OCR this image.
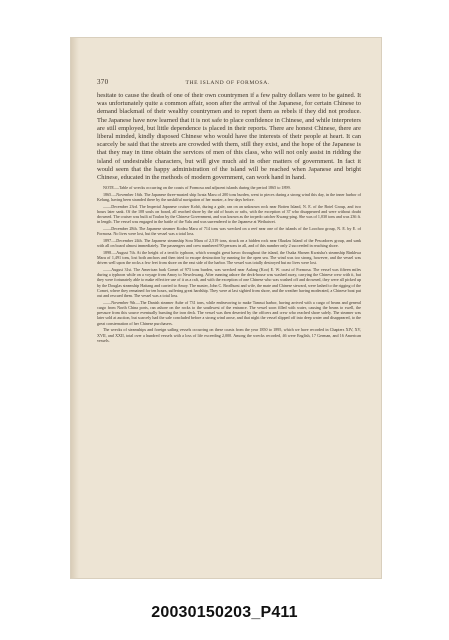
370	THE ISLAND OF FORMOSA.

hesitate to cause the death of one of their own countrymen if a few paltry dollars were to be gained. It was unfortunately quite a common affair, soon after the arrival of the Japanese, for certain Chinese to demand blackmail of their wealthy countrymen and to report them as rebels if they did not produce. The Japanese have now learned that it is not safe to place confidence in Chinese, and while interpreters are still employed, but little dependence is placed in their reports. There are honest Chinese, there are liberal minded, kindly disposed Chinese who would have the interests of their people at heart. It can scarcely be said that the streets are crowded with them, still they exist, and the hope of the Japanese is that they may in time obtain the services of men of this class, who will not only assist in ridding the island of undesirable characters, but will give much aid in other matters of government. In fact it would seem that the happy administration of the island will be reached when Japanese and bright Chinese, educated in the methods of modern government, can work hand in hand.

NOTE.—Table of wrecks occurring on the coasts of Formosa and adjacent islands during the period 1865 to 1899.

1865.—November 16th. The Japanese three-masted ship Iwata Maru of 200 tons burden, went to pieces during a strong wind this day, in the inner harbor of Kelung, having been stranded there by the unskilful navigation of her master, a few days before.

——December 23rd. The Imperial Japanese cruiser Kohō, during a gale, ran on an unknown rock near Botten Island, N. E. of the Botel Group, and two hours later sank. Of the 108 souls on board, all reached shore by the aid of boats or rafts, with the exception of 37 who disappeared and were without doubt drowned. The cruiser was built at Toulon by the Chinese Government, and was known as the torpedo catcher Kwang-ping. She was of 1,030 tons and was 236 ft. in length. The vessel was engaged in the battle of the Yalu and was surrendered to the Japanese at Weihaiwei.

——December 28th. The Japanese steamer Kodzu Maru of 714 tons was wrecked on a reef near one of the islands of the Loochoo group, N. E. by E. of Formosa. No lives were lost, but the vessel was a total loss.

1897.—December 24th. The Japanese steamship Sora Maru of 2,519 tons, struck on a hidden rock near Okudzu Island of the Pescadores group, and sank with all on board almost immediately. The passengers and crew numbered 90 persons in all, and of this number only 2 succeeded in reaching shore.

1898.—August 7th. At the height of a terrific typhoon, which wrought great havoc throughout the island, the Osaka Shosen Kwaisha's steamship Rinkhwa Maru of 1,491 tons, lost both anchors and then tried to escape destruction by running for the open sea. The wind was too strong, however, and the vessel was driven well upon the rocks a few feet from shore on the east side of the harbor. The vessel was totally destroyed but no lives were lost.

——August 31st. The American bark Comet of 973 tons burden, was wrecked near Aulang (Koo) E. W. coast of Formosa. The vessel was fifteen miles during a typhoon while on a voyage from Amoy to Newchwang. After running ashore the deck-house was washed away, carrying the Chinese crew with it, but they were fortunately able to make effective use of it as a raft, and with the exception of one Chinese who was washed off and drowned, they were all picked up by the Douglas steamship Haitang and carried to Amoy. The master, John C. Brodhurst and wife, the mate and Chinese steward, were lashed to the rigging of the Comet, where they remained for ten hours, suffering great hardship. They were at last sighted from shore, and the weather having moderated, a Chinese boat put out and rescued them. The vessel was a total loss.

——November 9th.—The Danish steamer Aube of 731 tons, while endeavoring to make Tamsui harbor, having arrived with a cargo of beans and general cargo from North China ports, ran ashore on the rocks to the southwest of the entrance. The vessel soon filled with water, causing the beans to swell, the pressure from this source eventually bursting the iron deck. The vessel was then deserted by the officers and crew who reached shore safely. The steamer was later sold at auction, but scarcely had the sale concluded before a strong wind arose, and that night the vessel slipped off into deep water and disappeared, to the great consternation of her Chinese purchasers.

The wrecks of steamships and foreign sailing vessels occurring on these coasts from the year 1850 to 1895, which we have recorded in Chapters XIV, XV, XVII, and XXII, total over a hundred vessels with a loss of life exceeding 2,000. Among the wrecks recorded, 46 were English, 17 German, and 16 American vessels.

20030150203_P411
